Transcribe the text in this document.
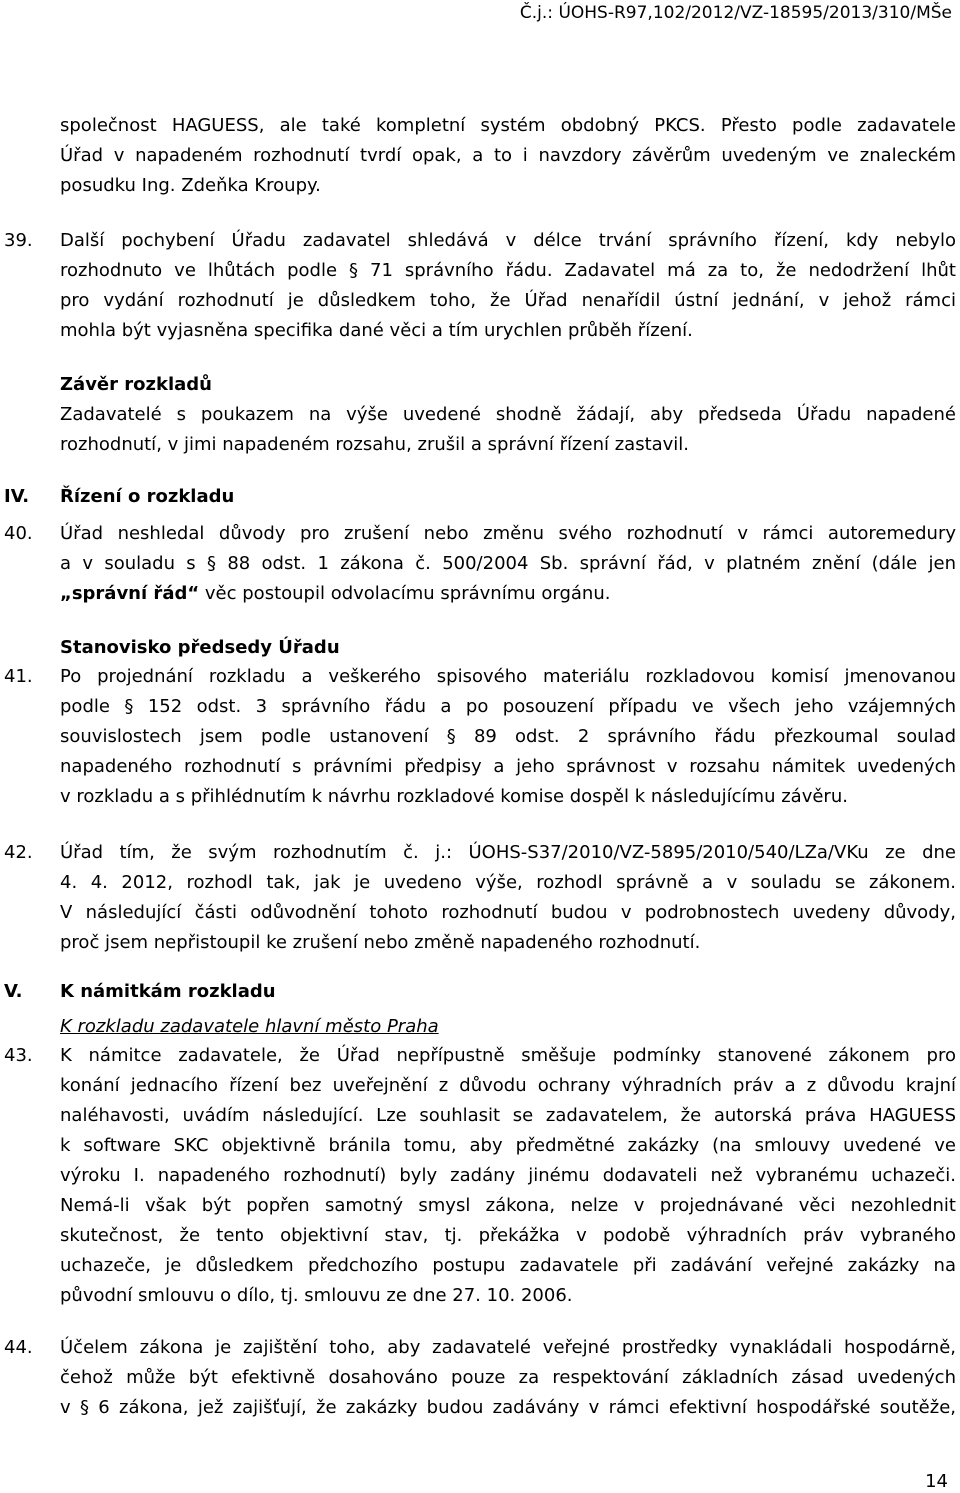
Č.j.: ÚOHS-R97,102/2012/VZ-18595/2013/310/MŠe
společnost HAGUESS, ale také kompletní systém obdobný PKCS. Přesto podle zadavatele
Úřad v napadeném rozhodnutí tvrdí opak, a to i navzdory závěrům uvedeným ve znaleckém
posudku Ing. Zdeňka Kroupy.
39. Další pochybení Úřadu zadavatel shledává v délce trvání správního řízení, kdy nebylo
rozhodnuto ve lhůtách podle § 71 správního řádu. Zadavatel má za to, že nedodržení lhůt
pro vydání rozhodnutí je důsledkem toho, že Úřad nenařídil ústní jednání, v jehož rámci
mohla být vyjasněna specifika dané věci a tím urychlen průběh řízení.
Závěr rozkladů
Zadavatelé s poukazem na výše uvedené shodně žádají, aby předseda Úřadu napadené
rozhodnutí, v jimi napadeném rozsahu, zrušil a správní řízení zastavil.
IV. Řízení o rozkladu
40. Úřad neshledal důvody pro zrušení nebo změnu svého rozhodnutí v rámci autoremedury
a v souladu s § 88 odst. 1 zákona č. 500/2004 Sb. správní řád, v platném znění (dále jen
„správní řád“ věc postoupil odvolacímu správnímu orgánu.
Stanovisko předsedy Úřadu
41. Po projednání rozkladu a veškerého spisového materiálu rozkladovou komisí jmenovanou
podle § 152 odst. 3 správního řádu a po posouzení případu ve všech jeho vzájemných
souvislostech jsem podle ustanovení § 89 odst. 2 správního řádu přezkoumal soulad
napadeného rozhodnutí s právními předpisy a jeho správnost v rozsahu námitek uvedených
v rozkladu a s přihlédnutím k návrhu rozkladové komise dospěl k následujícímu závěru.
42. Úřad tím, že svým rozhodnutím č. j.: ÚOHS-S37/2010/VZ-5895/2010/540/LZa/VKu ze dne
4. 4. 2012, rozhodl tak, jak je uvedeno výše, rozhodl správně a v souladu se zákonem.
V následující části odůvodnění tohoto rozhodnutí budou v podrobnostech uvedeny důvody,
proč jsem nepřistoupil ke zrušení nebo změně napadeného rozhodnutí.
V. K námitkám rozkladu
K rozkladu zadavatele hlavní město Praha
43. K námitce zadavatele, že Úřad nepřípustně směšuje podmínky stanovené zákonem pro
konání jednacího řízení bez uveřejnění z důvodu ochrany výhradních práv a z důvodu krajní
naléhavosti, uvádím následující. Lze souhlasit se zadavatelem, že autorská práva HAGUESS
k software SKC objektivně bránila tomu, aby předmětné zakázky (na smlouvy uvedené ve
výroku I. napadeného rozhodnutí) byly zadány jinému dodavateli než vybranému uchazeči.
Nemá-li však být popřen samotný smysl zákona, nelze v projednávané věci nezohlednit
skutečnost, že tento objektivní stav, tj. překážka v podobě výhradních práv vybraného
uchazeče, je důsledkem předchozího postupu zadavatele při zadávání veřejné zakázky na
původní smlouvu o dílo, tj. smlouvu ze dne 27. 10. 2006.
44. Účelem zákona je zajištění toho, aby zadavatelé veřejné prostředky vynakládali hospodárně,
čehož může být efektivně dosahováno pouze za respektování základních zásad uvedených
v § 6 zákona, jež zajišťují, že zakázky budou zadávány v rámci efektivní hospodářské soutěže,
14
